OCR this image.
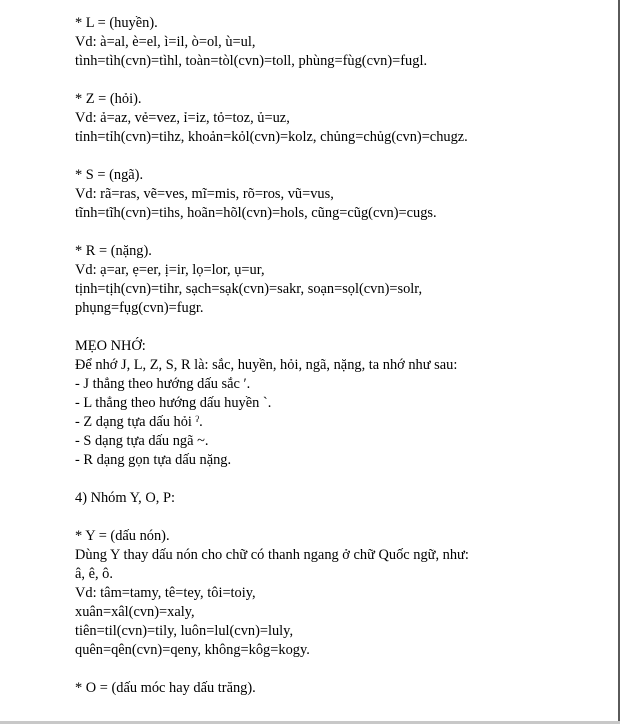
* L = (huyền).
Vd: à=al, è=el, ì=il, ò=ol, ù=ul,
tình=tìh(cvn)=tìhl, toàn=tòl(cvn)=toll, phùng=fùg(cvn)=fugl.
* Z = (hỏi).
Vd: ả=az, vẻ=vez, ỉ=iz, tỏ=toz, ủ=uz,
tỉnh=tỉh(cvn)=tihz, khoản=kỏl(cvn)=kolz, chủng=chủg(cvn)=chugz.
* S = (ngã).
Vd: rã=ras, vẽ=ves, mĩ=mis, rõ=ros, vũ=vus,
tĩnh=tĩh(cvn)=tihs, hoãn=hõl(cvn)=hols, cũng=cũg(cvn)=cugs.
* R = (nặng).
Vd: ạ=ar, ẹ=er, ị=ir, lọ=lor, ụ=ur,
tịnh=tịh(cvn)=tihr, sạch=sạk(cvn)=sakr, soạn=sọl(cvn)=solr,
phụng=fụg(cvn)=fugr.
MẸO NHỚ:
Để nhớ J, L, Z, S, R là: sắc, huyền, hỏi, ngã, nặng, ta nhớ như sau:
- J thẳng theo hướng dấu sắc ʹ.
- L thẳng theo hướng dấu huyền `.
- Z dạng tựa dấu hỏi ˀ.
- S dạng tựa dấu ngã ~.
- R dạng gọn tựa dấu nặng.
4) Nhóm Y, O, P:
* Y = (dấu nón).
Dùng Y thay dấu nón cho chữ có thanh ngang ở chữ Quốc ngữ, như:
â, ê, ô.
Vd: tâm=tamy, tê=tey, tôi=toiy,
xuân=xâl(cvn)=xaly,
tiên=til(cvn)=tily, luôn=lul(cvn)=luly,
quên=qên(cvn)=qeny, không=kôg=kogy.
* O = (dấu móc hay dấu trăng).
